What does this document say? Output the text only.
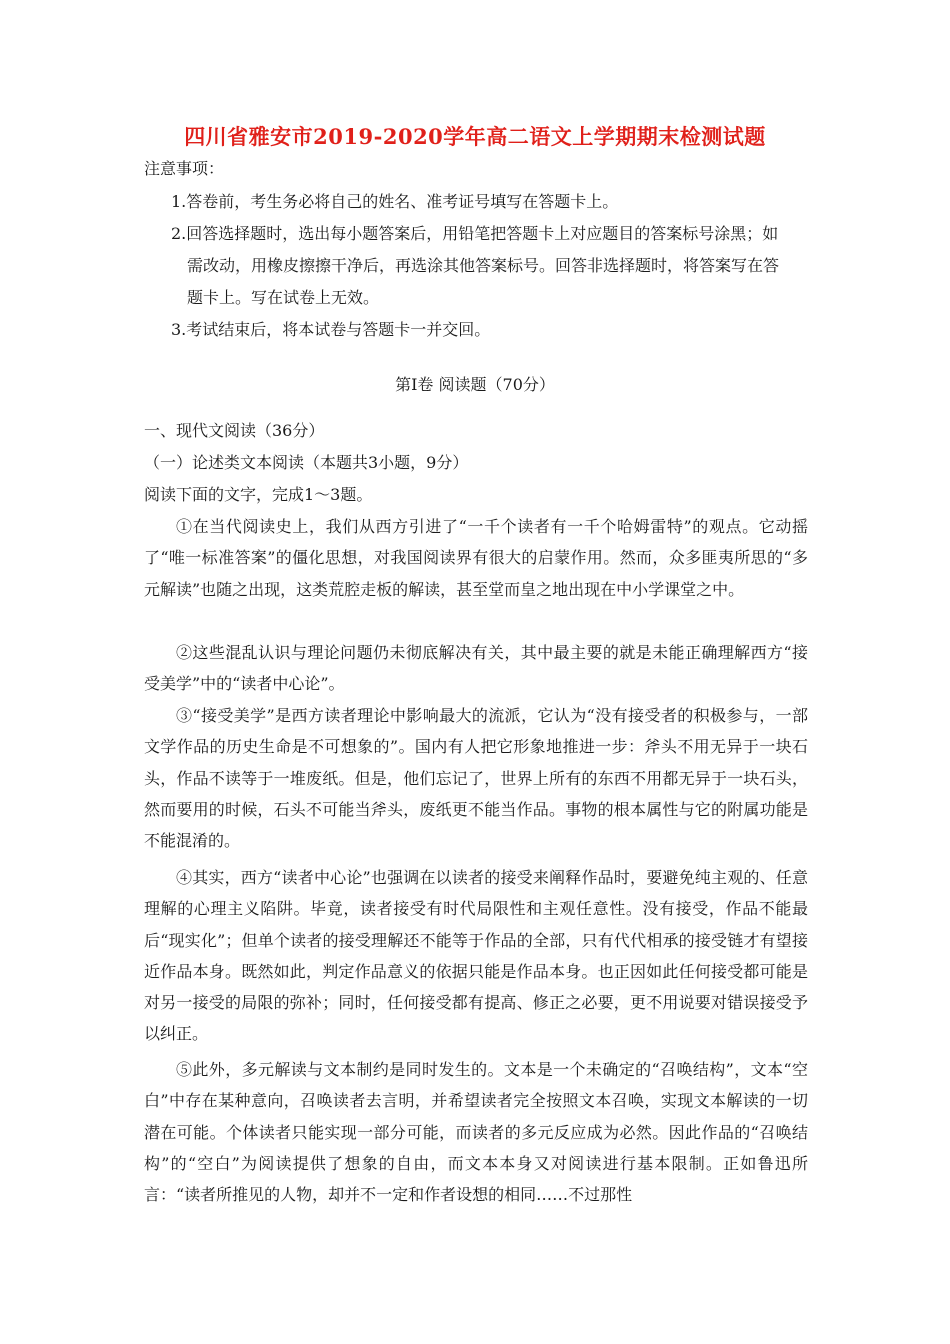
四川省雅安市2019-2020学年高二语文上学期期末检测试题
注意事项：
1.答卷前，考生务必将自己的姓名、准考证号填写在答题卡上。
2.回答选择题时，选出每小题答案后，用铅笔把答题卡上对应题目的答案标号涂黑；如
需改动，用橡皮擦擦干净后，再选涂其他答案标号。回答非选择题时，将答案写在答
题卡上。写在试卷上无效。
3.考试结束后，将本试卷与答题卡一并交回。
第Ⅰ卷 阅读题（70分）
一、现代文阅读（36分）
（一）论述类文本阅读（本题共3小题，9分）
阅读下面的文字，完成1～3题。
①在当代阅读史上，我们从西方引进了“一千个读者有一千个哈姆雷特”的观点。它动摇了“唯一标准答案”的僵化思想，对我国阅读界有很大的启蒙作用。然而，众多匪夷所思的“多元解读”也随之出现，这类荒腔走板的解读，甚至堂而皇之地出现在中小学课堂之中。
②这些混乱认识与理论问题仍未彻底解决有关，其中最主要的就是未能正确理解西方“接受美学”中的“读者中心论”。
③“接受美学”是西方读者理论中影响最大的流派，它认为“没有接受者的积极参与，一部文学作品的历史生命是不可想象的”。国内有人把它形象地推进一步：斧头不用无异于一块石头，作品不读等于一堆废纸。但是，他们忘记了，世界上所有的东西不用都无异于一块石头，然而要用的时候，石头不可能当斧头，废纸更不能当作品。事物的根本属性与它的附属功能是不能混淆的。
④其实，西方“读者中心论”也强调在以读者的接受来阐释作品时，要避免纯主观的、任意理解的心理主义陷阱。毕竟，读者接受有时代局限性和主观任意性。没有接受，作品不能最后“现实化”；但单个读者的接受理解还不能等于作品的全部，只有代代相承的接受链才有望接近作品本身。既然如此，判定作品意义的依据只能是作品本身。也正因如此任何接受都可能是对另一接受的局限的弥补；同时，任何接受都有提高、修正之必要，更不用说要对错误接受予以纠正。
⑤此外，多元解读与文本制约是同时发生的。文本是一个未确定的“召唤结构”，文本“空白”中存在某种意向，召唤读者去言明，并希望读者完全按照文本召唤，实现文本解读的一切潜在可能。个体读者只能实现一部分可能，而读者的多元反应成为必然。因此作品的“召唤结构”的“空白”为阅读提供了想象的自由，而文本本身又对阅读进行基本限制。正如鲁迅所言：“读者所推见的人物，却并不一定和作者设想的相同……不过那性
